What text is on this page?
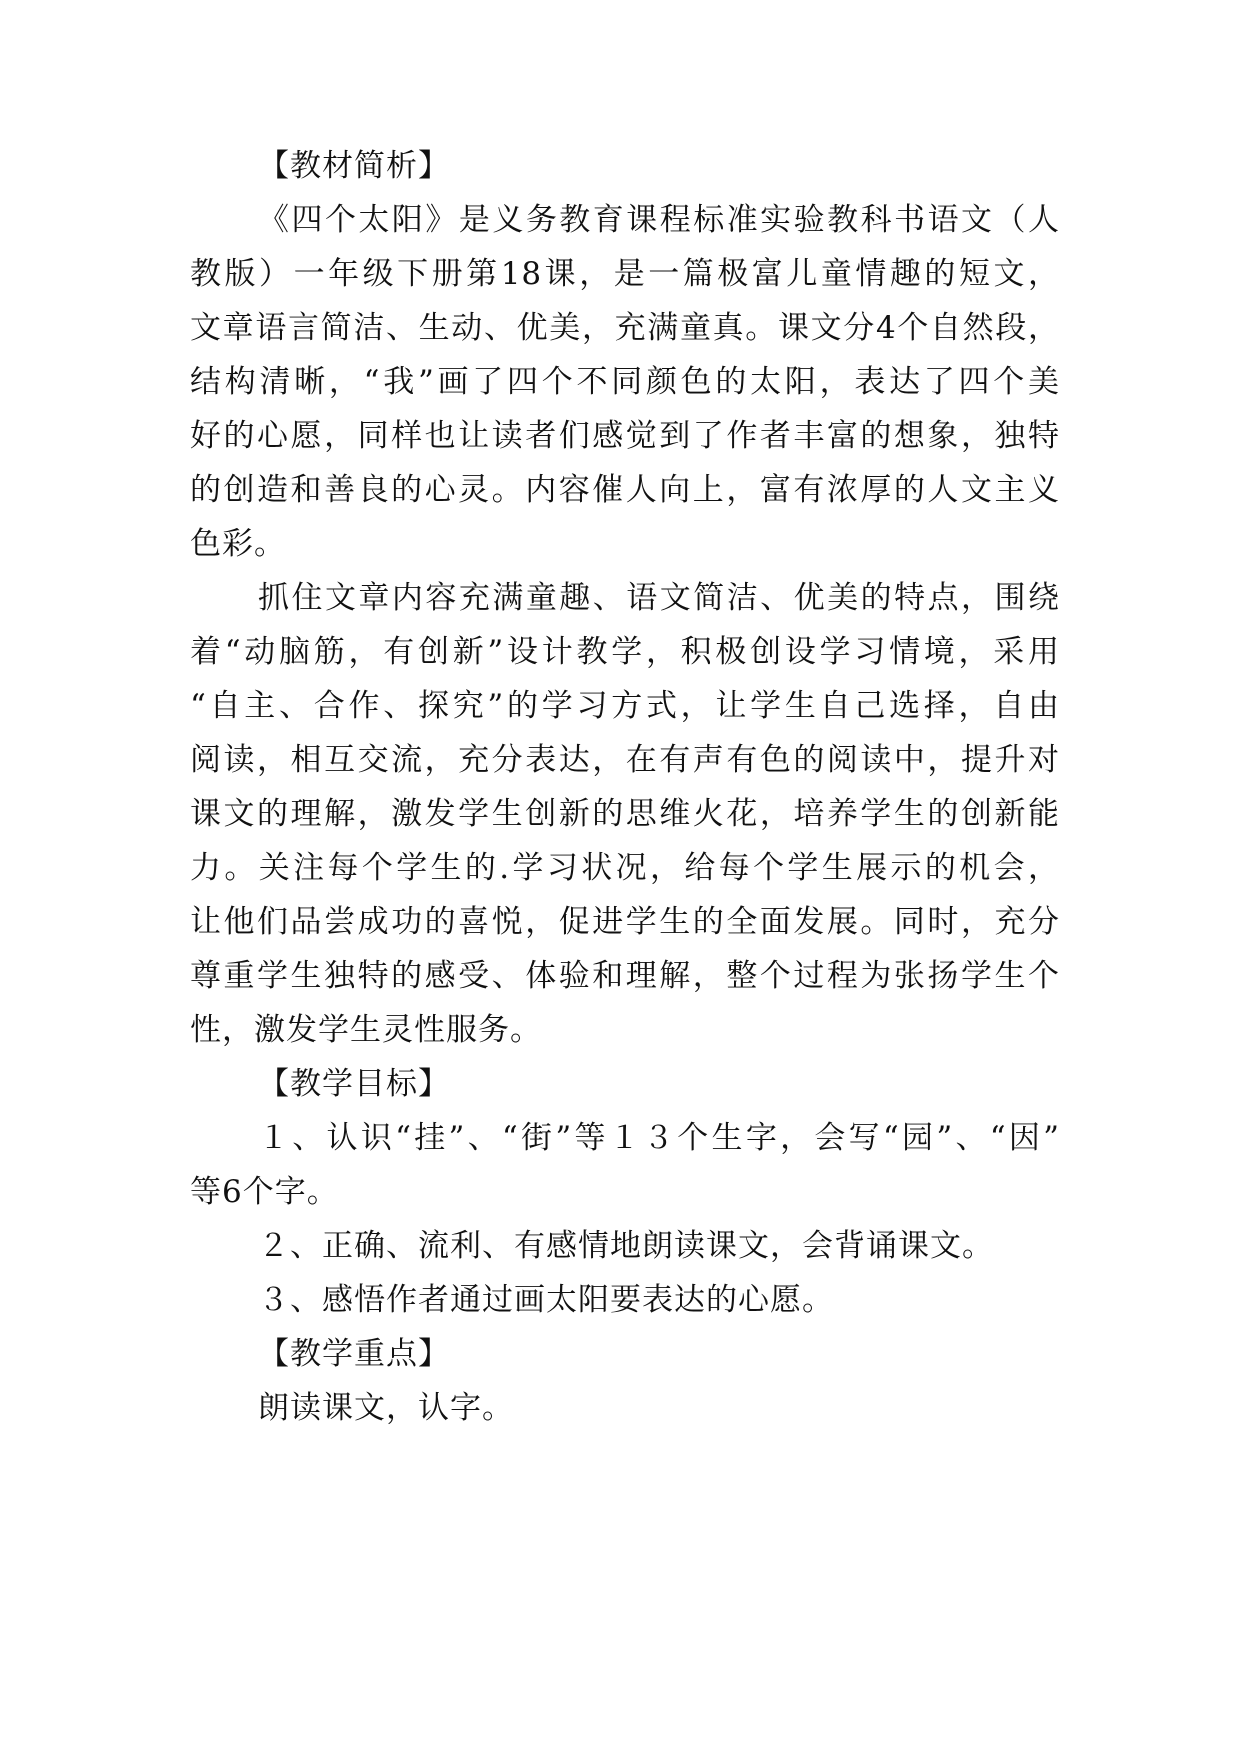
【教材简析】
《四个太阳》是义务教育课程标准实验教科书语文（人
教版）一年级下册第18课，是一篇极富儿童情趣的短文，
文章语言简洁、生动、优美，充满童真。课文分4个自然段，
结构清晰，“我”画了四个不同颜色的太阳，表达了四个美
好的心愿，同样也让读者们感觉到了作者丰富的想象，独特
的创造和善良的心灵。内容催人向上，富有浓厚的人文主义
色彩。
抓住文章内容充满童趣、语文简洁、优美的特点，围绕
着“动脑筋，有创新”设计教学，积极创设学习情境，采用
“自主、合作、探究”的学习方式，让学生自己选择，自由
阅读，相互交流，充分表达，在有声有色的阅读中，提升对
课文的理解，激发学生创新的思维火花，培养学生的创新能
力。关注每个学生的.学习状况，给每个学生展示的机会，
让他们品尝成功的喜悦，促进学生的全面发展。同时，充分
尊重学生独特的感受、体验和理解，整个过程为张扬学生个
性，激发学生灵性服务。
【教学目标】
１、认识“挂”、“街”等１３个生字，会写“园”、“因”
等6个字。
２、正确、流利、有感情地朗读课文，会背诵课文。
３、感悟作者通过画太阳要表达的心愿。
【教学重点】
朗读课文，认字。
